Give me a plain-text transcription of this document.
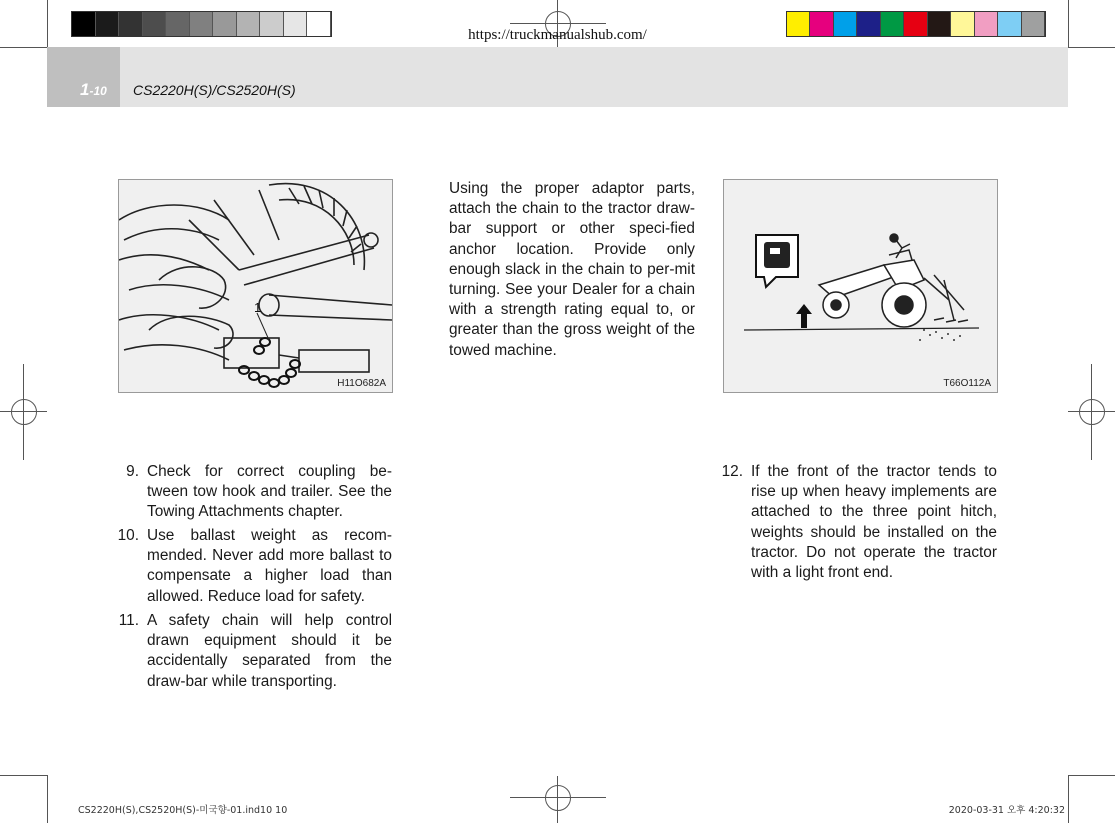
https://truckmanualshub.com/
1-10 CS2220H(S)/CS2520H(S)
1
H11O682A
Using the proper adaptor parts, attach the chain to the tractor draw-bar support or other speci-fied anchor location. Provide only enough slack in the chain to per-mit turning. See your Dealer for a chain with a strength rating equal to, or greater than the gross weight of the towed machine.
T66O112A
9. Check for correct coupling be-tween tow hook and trailer. See the Towing Attachments chapter.
10. Use ballast weight as recom-mended. Never add more ballast to compensate a higher load than allowed. Reduce load for safety.
11. A safety chain will help control drawn equipment should it be accidentally separated from the draw-bar while transporting.
12. If the front of the tractor tends to rise up when heavy implements are attached to the three point hitch, weights should be installed on the tractor. Do not operate the tractor with a light front end.
CS2220H(S),CS2520H(S)-미국향-01.ind10 10	2020-03-31 오후 4:20:32
